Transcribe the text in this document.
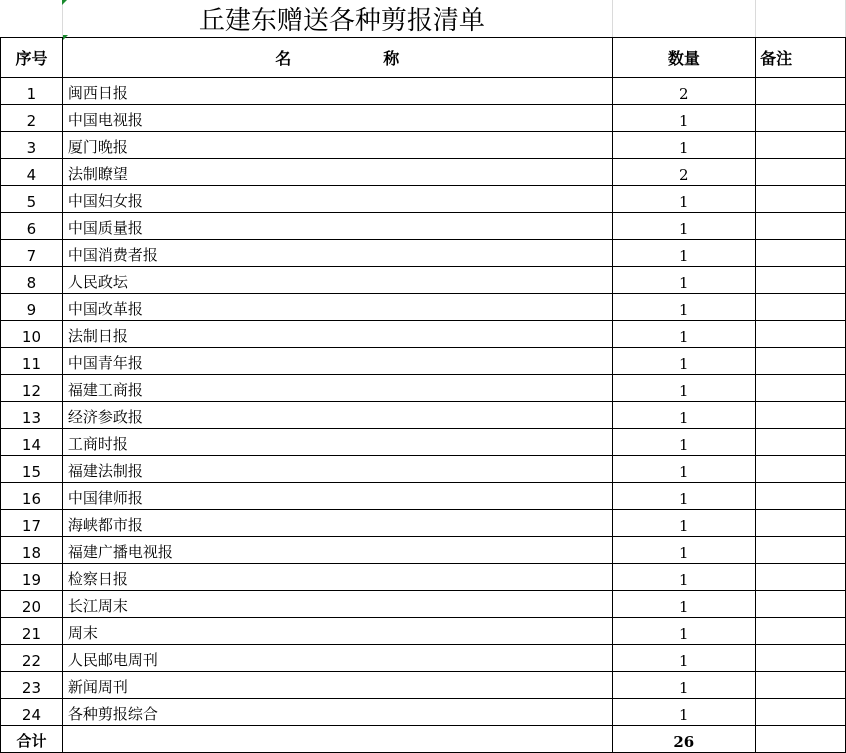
	丘建东赠送各种剪报清单		
序号	名 称	数量	备注
1	闽西日报	2	
2	中国电视报	1	
3	厦门晚报	1	
4	法制瞭望	2	
5	中国妇女报	1	
6	中国质量报	1	
7	中国消费者报	1	
8	人民政坛	1	
9	中国改革报	1	
10	法制日报	1	
11	中国青年报	1	
12	福建工商报	1	
13	经济参政报	1	
14	工商时报	1	
15	福建法制报	1	
16	中国律师报	1	
17	海峡都市报	1	
18	福建广播电视报	1	
19	检察日报	1	
20	长江周末	1	
21	周末	1	
22	人民邮电周刊	1	
23	新闻周刊	1	
24	各种剪报综合	1	
合计		26	
